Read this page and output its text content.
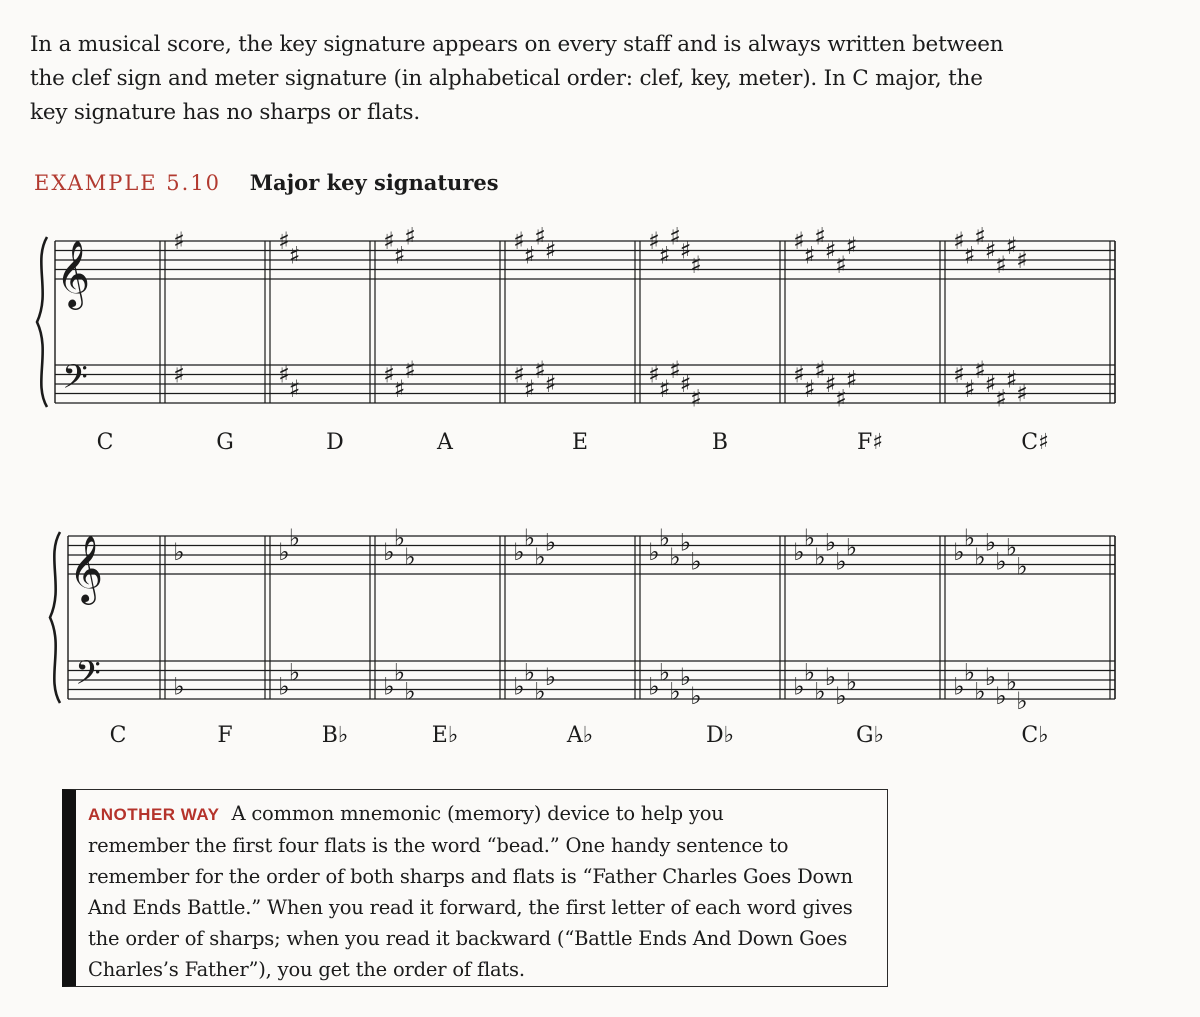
In a musical score, the key signature appears on every staff and is always written between
the clef sign and meter signature (in alphabetical order: clef, key, meter). In C major, the
key signature has no sharps or flats.
EXAMPLE 5.10 Major key signatures
𝄞
𝄢
C
♯
♯
G
♯
♯
♯
♯
D
♯
♯
♯
♯
♯
♯
A
♯
♯
♯
♯
♯
♯
♯
♯
E
♯
♯
♯
♯
♯
♯
♯
♯
♯
♯
B
♯
♯
♯
♯
♯
♯
♯
♯
♯
♯
♯
♯
F♯
♯
♯
♯
♯
♯
♯
♯
♯
♯
♯
♯
♯
♯
♯
C♯
𝄞
𝄢
C
♭
♭
F
♭
♭
♭
♭
B♭
♭
♭
♭
♭
♭
♭
E♭
♭
♭
♭
♭
♭
♭
♭
♭
A♭
♭
♭
♭
♭
♭
♭
♭
♭
♭
♭
D♭
♭
♭
♭
♭
♭
♭
♭
♭
♭
♭
♭
♭
G♭
♭
♭
♭
♭
♭
♭
♭
♭
♭
♭
♭
♭
♭
♭
C♭
ANOTHER WAY A common mnemonic (memory) device to help you
remember the first four flats is the word “bead.” One handy sentence to
remember for the order of both sharps and flats is “Father Charles Goes Down
And Ends Battle.” When you read it forward, the first letter of each word gives
the order of sharps; when you read it backward (“Battle Ends And Down Goes
Charles’s Father”), you get the order of flats.
